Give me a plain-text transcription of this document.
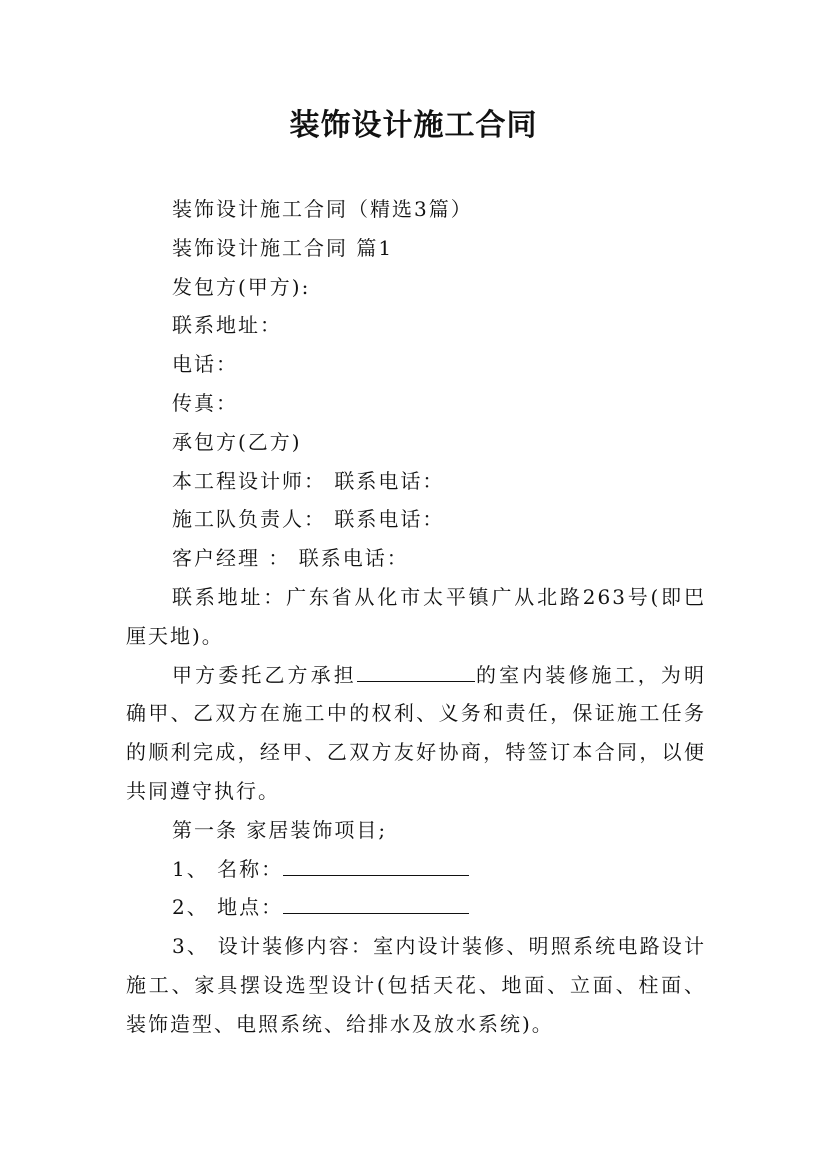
装饰设计施工合同

装饰设计施工合同（精选3篇）

装饰设计施工合同 篇1

发包方(甲方):

联系地址：

电话：

传真：

承包方(乙方)

本工程设计师： 联系电话：

施工队负责人： 联系电话：

客户经理 ： 联系电话：

联系地址：广东省从化市太平镇广从北路263号(即巴厘天地)。

甲方委托乙方承担	的室内装修施工，为明确甲、乙双方在施工中的权利、义务和责任，保证施工任务的顺利完成，经甲、乙双方友好协商，特签订本合同，以便共同遵守执行。

第一条 家居装饰项目;

1、 名称：

2、 地点：

3、 设计装修内容：室内设计装修、明照系统电路设计施工、家具摆设选型设计(包括天花、地面、立面、柱面、装饰造型、电照系统、给排水及放水系统)。
